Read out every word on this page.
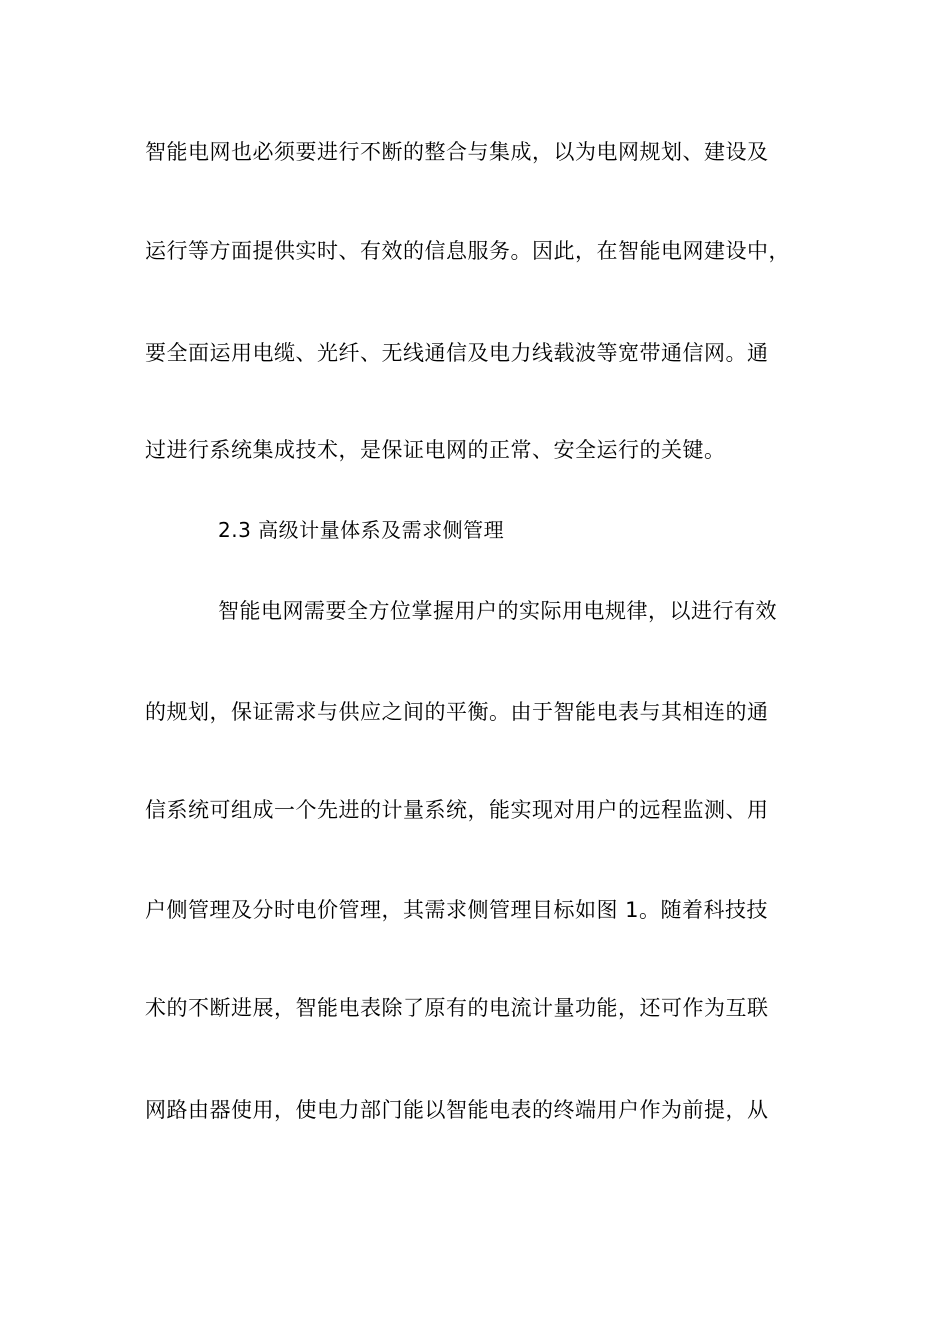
智能电网也必须要进行不断的整合与集成，以为电网规划、建设及
运行等方面提供实时、有效的信息服务。因此，在智能电网建设中，
要全面运用电缆、光纤、无线通信及电力线载波等宽带通信网。通
过进行系统集成技术，是保证电网的正常、安全运行的关键。
2.3 高级计量体系及需求侧管理
智能电网需要全方位掌握用户的实际用电规律，以进行有效
的规划，保证需求与供应之间的平衡。由于智能电表与其相连的通
信系统可组成一个先进的计量系统，能实现对用户的远程监测、用
户侧管理及分时电价管理，其需求侧管理目标如图 1。随着科技技
术的不断进展，智能电表除了原有的电流计量功能，还可作为互联
网路由器使用，使电力部门能以智能电表的终端用户作为前提，从
